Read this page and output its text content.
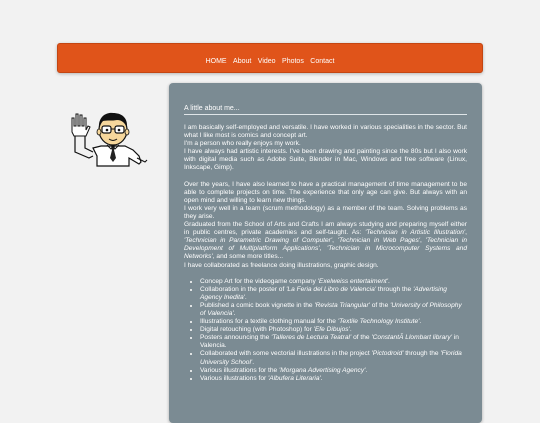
HOME About Video Photos Contact
A little about me...

I am basically self-employed and versatile. I have worked in various specialities in the sector. But what I like most is comics and concept art.
I'm a person who really enjoys my work.
I have always had artistic interests. I've been drawing and painting since the 80s but I also work with digital media such as Adobe Suite, Blender in Mac, Windows and free software (Linux, Inkscape, Gimp).

Over the years, I have also learned to have a practical management of time management to be able to complete projects on time. The experience that only age can give. But always with an open mind and willing to learn new things.
I work very well in a team (scrum methodology) as a member of the team. Solving problems as they arise.
Graduated from the School of Arts and Crafts I am always studying and preparing myself either in public centres, private academies and self-taught. As: 'Technician in Artistic Illustration', 'Technician in Parametric Drawing of Computer', 'Technician in Web Pages', 'Technician in Development of Multiplatform Applications', 'Technician in Microcomputer Systems and Networks', and some more titles...
I have collaborated as freelance doing illustrations, graphic design.

• Concep Art for the videogame company 'Exelweiss entertaiment'.
• Collaboration in the poster of 'La Feria del Libro de Valencia' through the 'Advertising Agency Inedita'.
• Published a comic book vignette in the 'Revista Triangular' of the 'University of Philosophy of Valencia'.
• Illustrations for a textile clothing manual for the 'Textile Technology Institute'.
• Digital retouching (with Photoshop) for 'Efe Dibujos'.
• Posters announcing the 'Talleres de Lectura Teatral' of the 'ConstantÃ Llombart library' in Valencia.
• Collaborated with some vectorial illustrations in the project 'Pictodroid' through the 'Florida University School'.
• Various illustrations for the 'Morgana Advertising Agency'.
• Various illustrations for 'Albufera Literaria'.
